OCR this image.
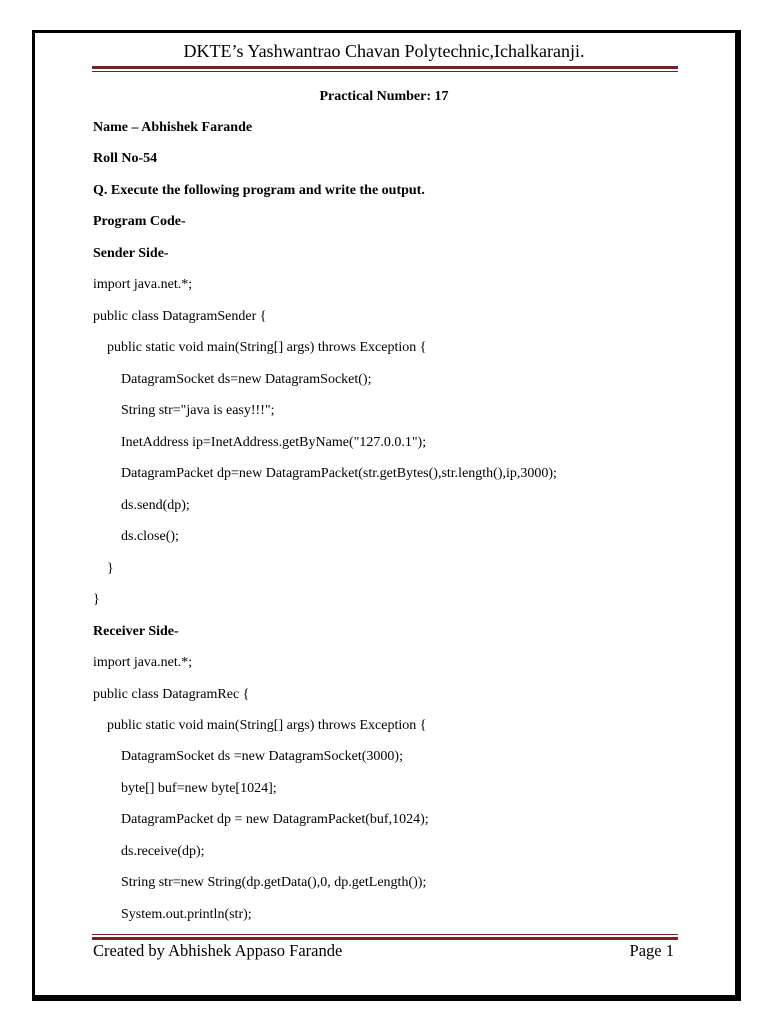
DKTE’s Yashwantrao Chavan Polytechnic,Ichalkaranji.
Practical Number: 17
Name – Abhishek Farande
Roll No-54
Q. Execute the following program and write the output.
Program Code-
Sender Side-
import java.net.*;
public class DatagramSender {
public static void main(String[] args) throws Exception {
DatagramSocket ds=new DatagramSocket();
String str="java is easy!!!";
InetAddress ip=InetAddress.getByName("127.0.0.1");
DatagramPacket dp=new DatagramPacket(str.getBytes(),str.length(),ip,3000);
ds.send(dp);
ds.close();
}
}
Receiver Side-
import java.net.*;
public class DatagramRec {
public static void main(String[] args) throws Exception {
DatagramSocket ds =new DatagramSocket(3000);
byte[] buf=new byte[1024];
DatagramPacket dp = new DatagramPacket(buf,1024);
ds.receive(dp);
String str=new String(dp.getData(),0, dp.getLength());
System.out.println(str);
Created by Abhishek Appaso Farande	Page 1
